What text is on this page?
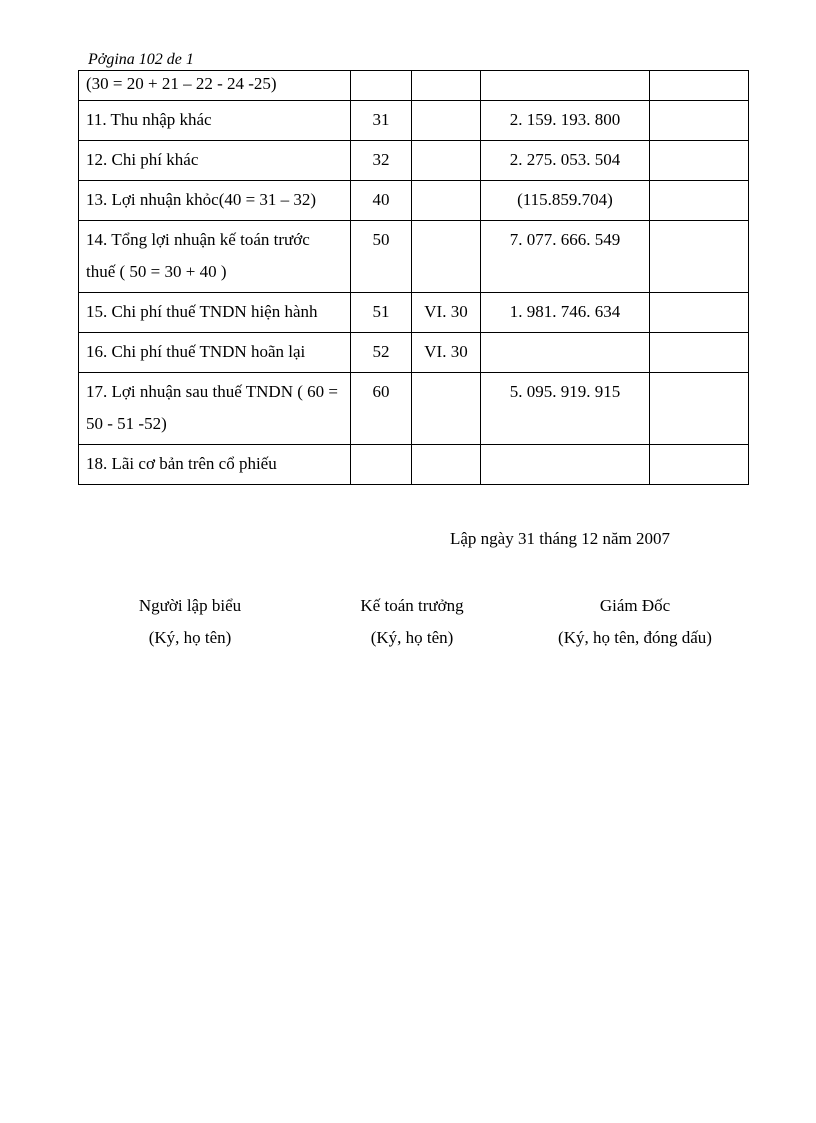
Pởgina 102 de 1
(30 = 20 + 21 – 22 - 24 -25)				
11. Thu nhập khác	31		2. 159. 193. 800	
12. Chi phí khác	32		2. 275. 053. 504	
13. Lợi nhuận khỏc(40 = 31 – 32)	40		(115.859.704)	
14. Tổng lợi nhuận kế toán trước thuế ( 50 = 30 + 40 )	50		7. 077. 666. 549	
15. Chi phí thuế TNDN hiện hành	51	VI. 30	1. 981. 746. 634	
16. Chi phí thuế TNDN hoãn lại	52	VI. 30		
17. Lợi nhuận sau thuế TNDN ( 60 = 50 - 51 -52)	60		5. 095. 919. 915	
18. Lãi cơ bản trên cổ phiếu				
Lập ngày 31 tháng 12 năm 2007
Người lập biểu
(Ký, họ tên)
Kế toán trưởng
(Ký, họ tên)
Giám Đốc
(Ký, họ tên, đóng dấu)
